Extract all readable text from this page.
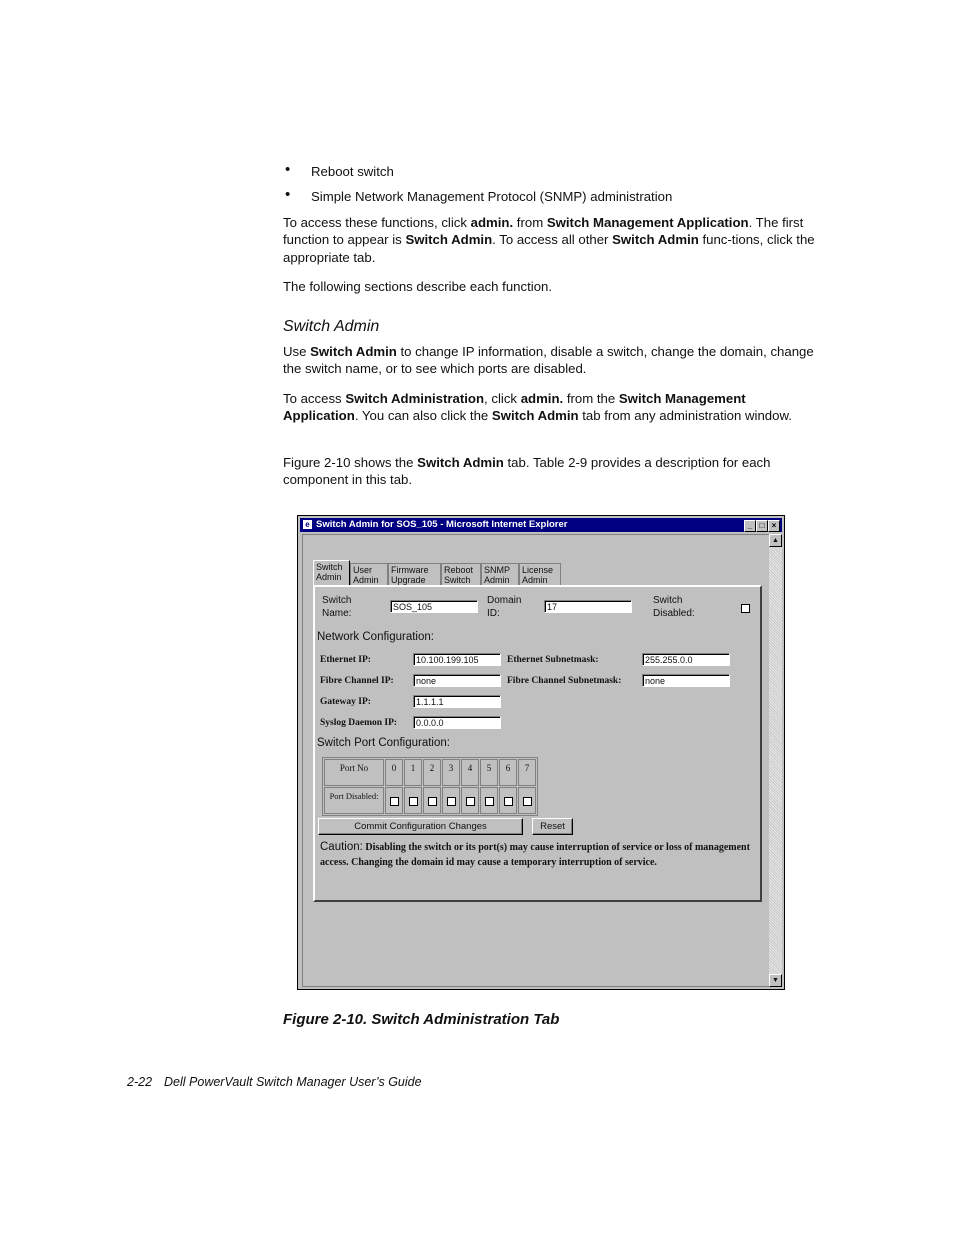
• Reboot switch
• Simple Network Management Protocol (SNMP) administration
To access these functions, click admin. from Switch Management Application. The first function to appear is Switch Admin. To access all other Switch Admin func-tions, click the appropriate tab.
The following sections describe each function.
Switch Admin
Use Switch Admin to change IP information, disable a switch, change the domain, change the switch name, or to see which ports are disabled.
To access Switch Administration, click admin. from the Switch Management Application. You can also click the Switch Admin tab from any administration window.
Figure 2-10 shows the Switch Admin tab. Table 2-9 provides a description for each component in this tab.
e Switch Admin for SOS_105 - Microsoft Internet Explorer	_ □ ×
Switch
Admin
User
Admin
Firmware
Upgrade
Reboot
Switch
SNMP
Admin
License
Admin
Switch
Name:
SOS_105
Domain
ID:
17
Switch
Disabled:
Network Configuration:
Ethernet IP:	10.100.199.105	Ethernet Subnetmask:	255.255.0.0
Fibre Channel IP:	none	Fibre Channel Subnetmask:	none
Gateway IP:	1.1.1.1
Syslog Daemon IP:	0.0.0.0
Switch Port Configuration:
Port No	0	1	2	3	4	5	6	7
Port Disabled:	

Commit Configuration Changes	Reset
Caution: Disabling the switch or its port(s) may cause interruption of service or loss of management access. Changing the domain id may cause a temporary interruption of service.
▲
▼
Figure 2-10. Switch Administration Tab
2-22 Dell PowerVault Switch Manager User’s Guide
